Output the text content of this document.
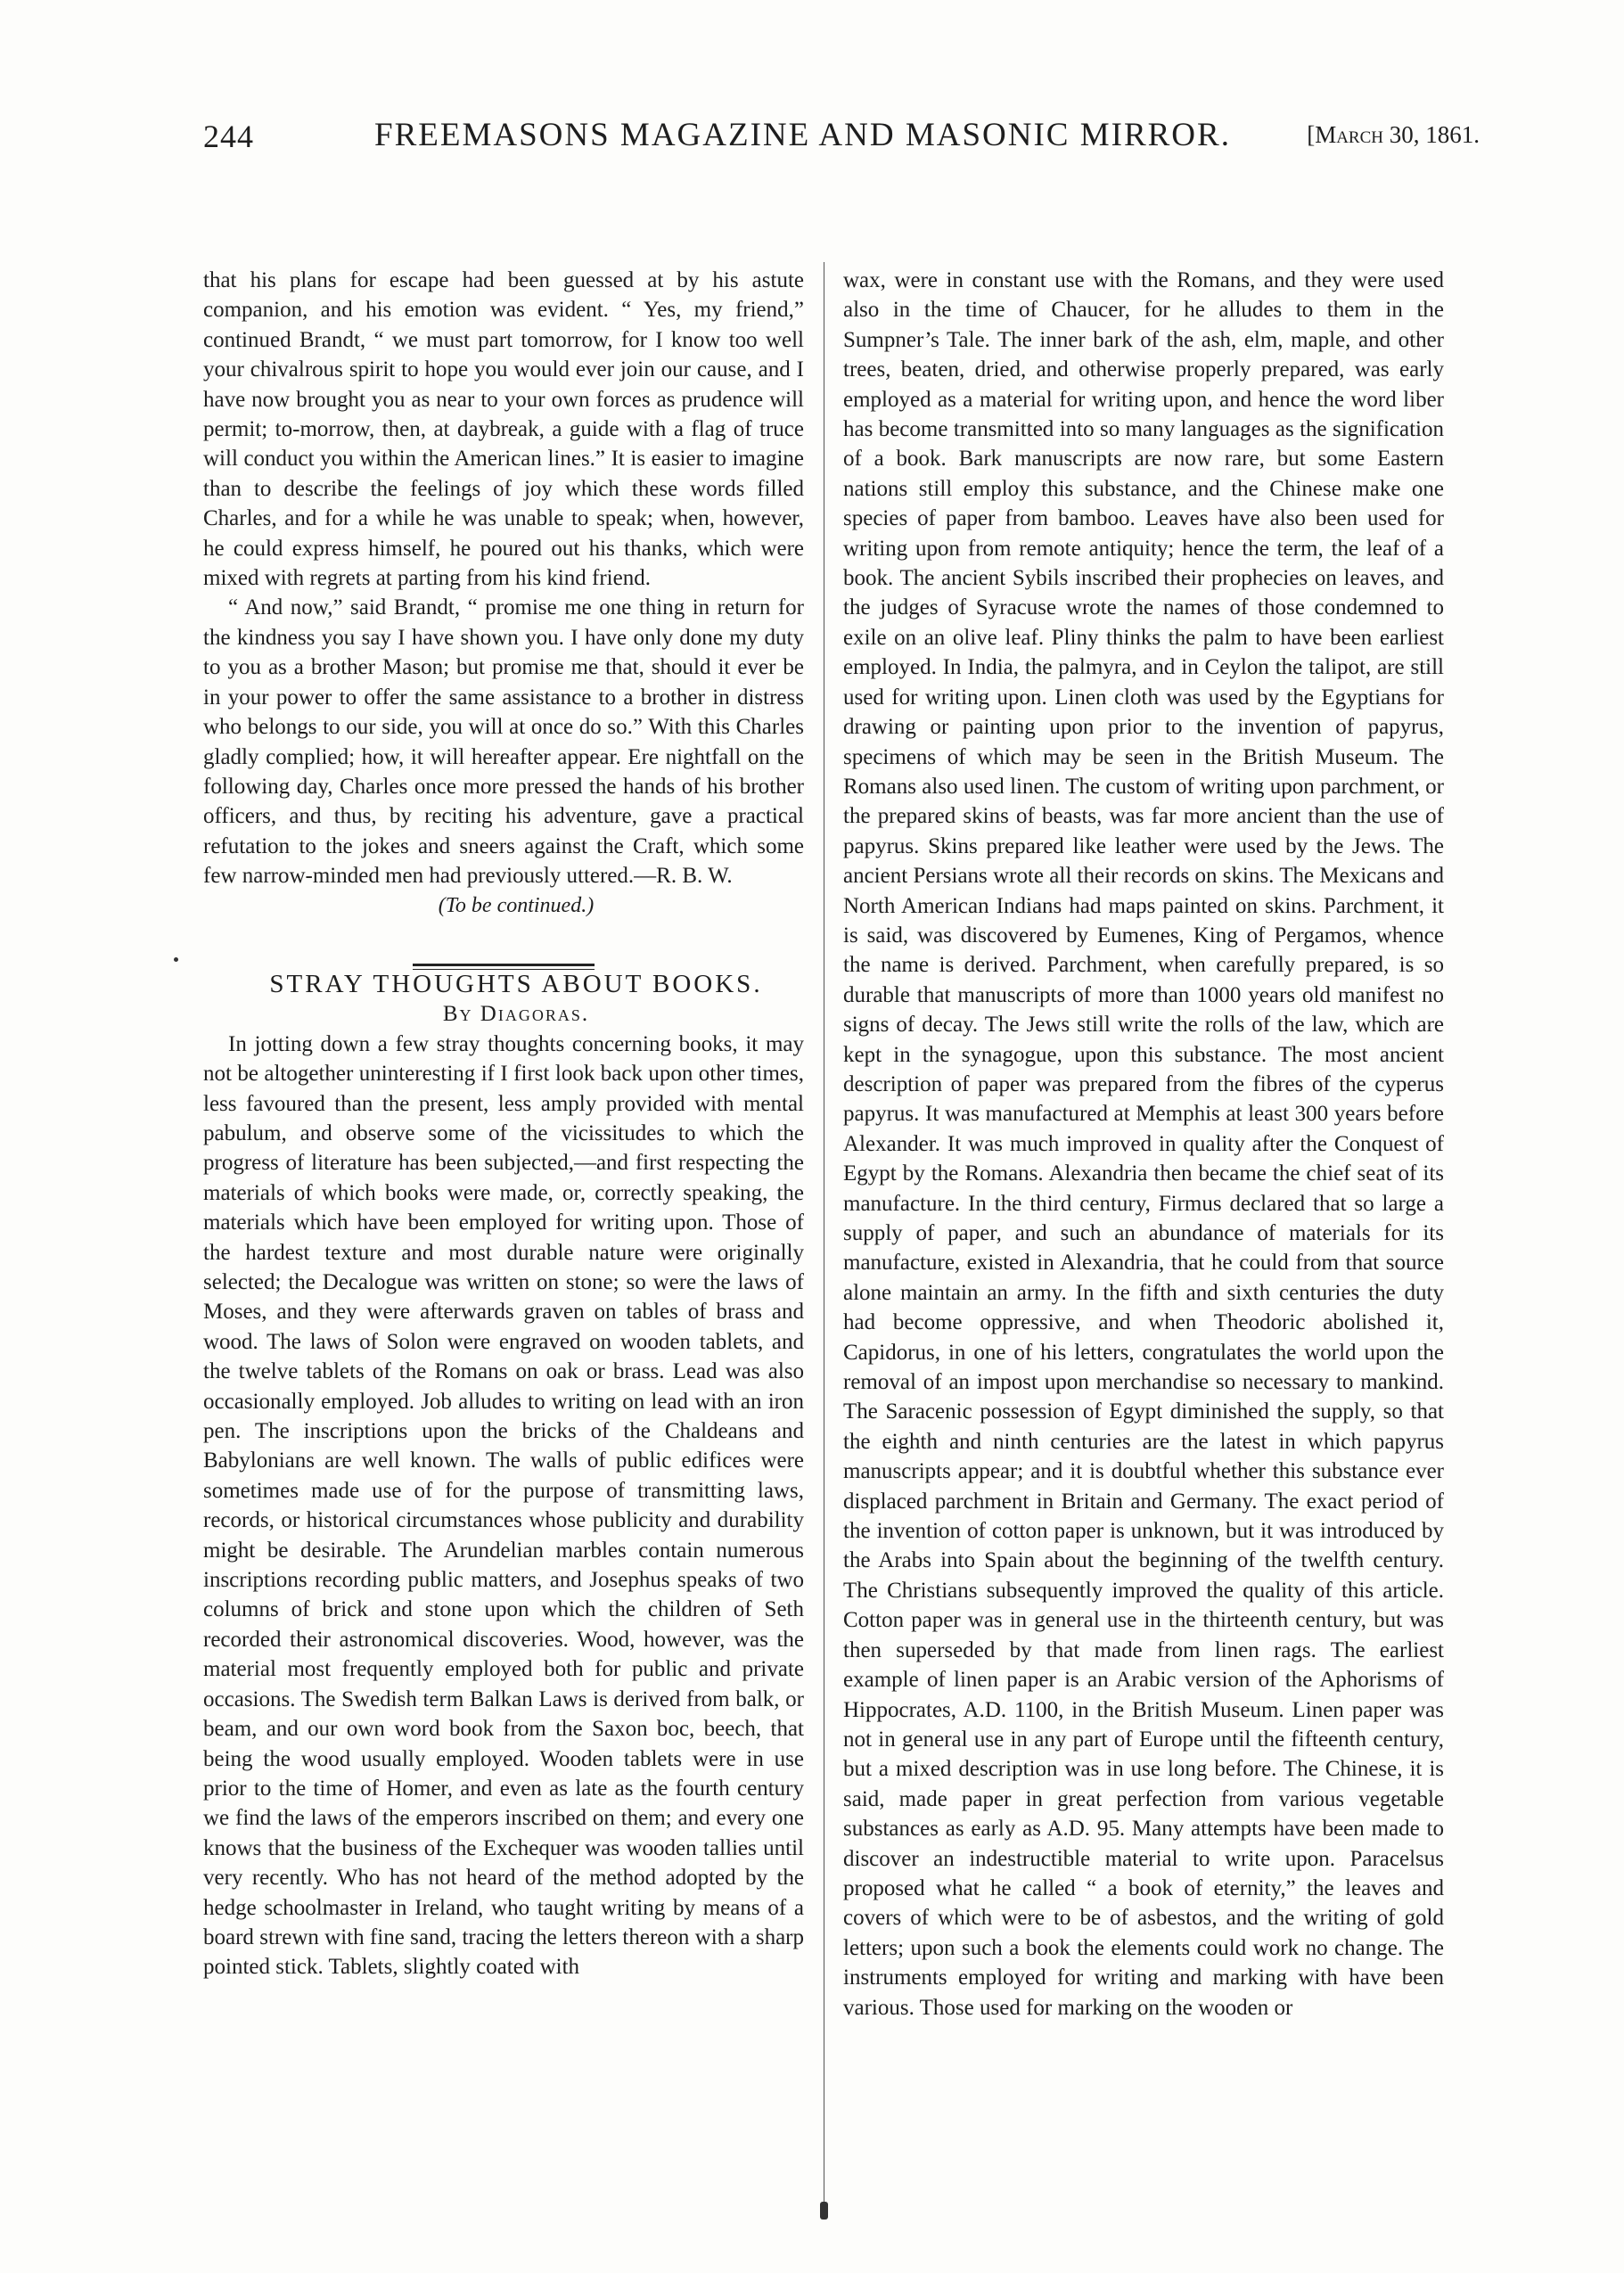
244	FREEMASONS MAGAZINE AND MASONIC MIRROR.	[March 30, 1861.

that his plans for escape had been guessed at by his astute companion, and his emotion was evident. “ Yes, my friend,” continued Brandt, “ we must part tomorrow, for I know too well your chivalrous spirit to hope you would ever join our cause, and I have now brought you as near to your own forces as prudence will permit; to-morrow, then, at daybreak, a guide with a flag of truce will conduct you within the American lines.” It is easier to imagine than to describe the feelings of joy which these words filled Charles, and for a while he was unable to speak; when, however, he could express himself, he poured out his thanks, which were mixed with regrets at parting from his kind friend.

“ And now,” said Brandt, “ promise me one thing in return for the kindness you say I have shown you. I have only done my duty to you as a brother Mason; but promise me that, should it ever be in your power to offer the same assistance to a brother in distress who belongs to our side, you will at once do so.” With this Charles gladly complied; how, it will hereafter appear. Ere nightfall on the following day, Charles once more pressed the hands of his brother officers, and thus, by reciting his adventure, gave a practical refutation to the jokes and sneers against the Craft, which some few narrow-minded men had previously uttered.—R. B. W.

(To be continued.)

STRAY THOUGHTS ABOUT BOOKS.

By Diagoras.

In jotting down a few stray thoughts concerning books, it may not be altogether uninteresting if I first look back upon other times, less favoured than the present, less amply provided with mental pabulum, and observe some of the vicissitudes to which the progress of literature has been subjected,—and first respecting the materials of which books were made, or, correctly speaking, the materials which have been employed for writing upon. Those of the hardest texture and most durable nature were originally selected; the Decalogue was written on stone; so were the laws of Moses, and they were afterwards graven on tables of brass and wood. The laws of Solon were engraved on wooden tablets, and the twelve tablets of the Romans on oak or brass. Lead was also occasionally employed. Job alludes to writing on lead with an iron pen. The inscriptions upon the bricks of the Chaldeans and Babylonians are well known. The walls of public edifices were sometimes made use of for the purpose of transmitting laws, records, or historical circumstances whose publicity and durability might be desirable. The Arundelian marbles contain numerous inscriptions recording public matters, and Josephus speaks of two columns of brick and stone upon which the children of Seth recorded their astronomical discoveries. Wood, however, was the material most frequently employed both for public and private occasions. The Swedish term Balkan Laws is derived from balk, or beam, and our own word book from the Saxon boc, beech, that being the wood usually employed. Wooden tablets were in use prior to the time of Homer, and even as late as the fourth century we find the laws of the emperors inscribed on them; and every one knows that the business of the Exchequer was wooden tallies until very recently. Who has not heard of the method adopted by the hedge schoolmaster in Ireland, who taught writing by means of a board strewn with fine sand, tracing the letters thereon with a sharp pointed stick. Tablets, slightly coated with

wax, were in constant use with the Romans, and they were used also in the time of Chaucer, for he alludes to them in the Sumpner’s Tale. The inner bark of the ash, elm, maple, and other trees, beaten, dried, and otherwise properly prepared, was early employed as a material for writing upon, and hence the word liber has become transmitted into so many languages as the signification of a book. Bark manuscripts are now rare, but some Eastern nations still employ this substance, and the Chinese make one species of paper from bamboo. Leaves have also been used for writing upon from remote antiquity; hence the term, the leaf of a book. The ancient Sybils inscribed their prophecies on leaves, and the judges of Syracuse wrote the names of those condemned to exile on an olive leaf. Pliny thinks the palm to have been earliest employed. In India, the palmyra, and in Ceylon the talipot, are still used for writing upon. Linen cloth was used by the Egyptians for drawing or painting upon prior to the invention of papyrus, specimens of which may be seen in the British Museum. The Romans also used linen. The custom of writing upon parchment, or the prepared skins of beasts, was far more ancient than the use of papyrus. Skins prepared like leather were used by the Jews. The ancient Persians wrote all their records on skins. The Mexicans and North American Indians had maps painted on skins. Parchment, it is said, was discovered by Eumenes, King of Pergamos, whence the name is derived. Parchment, when carefully prepared, is so durable that manuscripts of more than 1000 years old manifest no signs of decay. The Jews still write the rolls of the law, which are kept in the synagogue, upon this substance. The most ancient description of paper was prepared from the fibres of the cyperus papyrus. It was manufactured at Memphis at least 300 years before Alexander. It was much improved in quality after the Conquest of Egypt by the Romans. Alexandria then became the chief seat of its manufacture. In the third century, Firmus declared that so large a supply of paper, and such an abundance of materials for its manufacture, existed in Alexandria, that he could from that source alone maintain an army. In the fifth and sixth centuries the duty had become oppressive, and when Theodoric abolished it, Capidorus, in one of his letters, congratulates the world upon the removal of an impost upon merchandise so necessary to mankind. The Saracenic possession of Egypt diminished the supply, so that the eighth and ninth centuries are the latest in which papyrus manuscripts appear; and it is doubtful whether this substance ever displaced parchment in Britain and Germany. The exact period of the invention of cotton paper is unknown, but it was introduced by the Arabs into Spain about the beginning of the twelfth century. The Christians subsequently improved the quality of this article. Cotton paper was in general use in the thirteenth century, but was then superseded by that made from linen rags. The earliest example of linen paper is an Arabic version of the Aphorisms of Hippocrates, A.D. 1100, in the British Museum. Linen paper was not in general use in any part of Europe until the fifteenth century, but a mixed description was in use long before. The Chinese, it is said, made paper in great perfection from various vegetable substances as early as A.D. 95. Many attempts have been made to discover an indestructible material to write upon. Paracelsus proposed what he called “ a book of eternity,” the leaves and covers of which were to be of asbestos, and the writing of gold letters; upon such a book the elements could work no change. The instruments employed for writing and marking with have been various. Those used for marking on the wooden or
